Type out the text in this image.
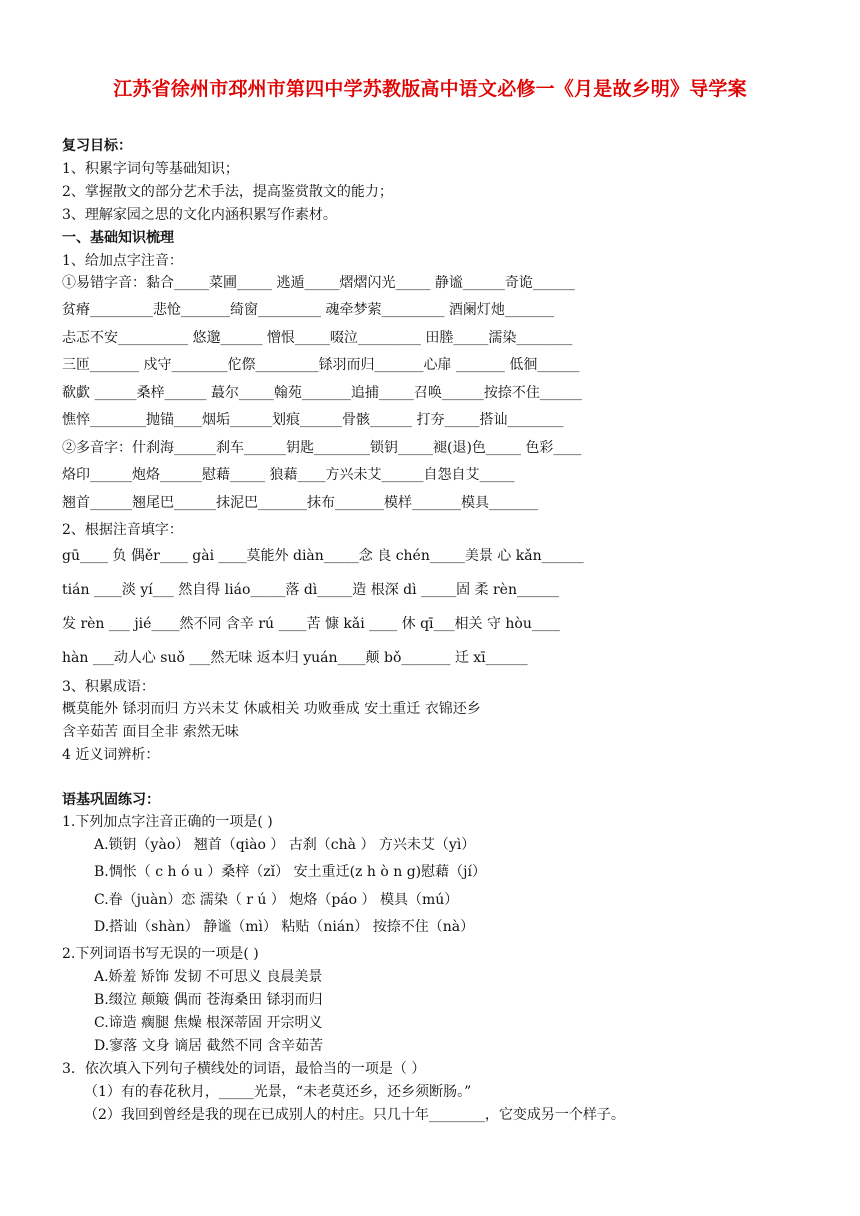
江苏省徐州市邳州市第四中学苏教版高中语文必修一《月是故乡明》导学案
复习目标：
1、积累字词句等基础知识；
2、掌握散文的部分艺术手法，提高鉴赏散文的能力；
3、理解家园之思的文化内涵积累写作素材。
一、基础知识梳理
1、给加点字注音：
①易错字音：黏合_____菜圃_____ 逃遁_____熠熠闪光_____ 静谧______奇诡______
贫瘠_________悲怆_______绮窗_________ 魂牵梦萦_________ 酒阑灯灺_______
忐忑不安__________ 悠邈______ 憎恨_____啜泣_________ 田塍_____濡染________
三匝_______ 戍守________佗傺_________铩羽而归_______心扉 _______ 低徊______
欷歔 ______桑梓______ 蕞尔_____翰苑_______追捕_____召唤______按捺不住______
憔悴________抛锚____烟垢______划痕______骨骸______ 打夯_____搭讪________
②多音字：什刹海______刹车______钥匙________锁钥_____褪(退)色_____ 色彩____
烙印______炮烙______慰藉_____ 狼藉____方兴未艾______自怨自艾_____
翘首______翘尾巴______抹泥巴_______抹布_______模样_______模具_______
2、根据注音填字：
gū____ 负 偶ěr____ gài ____莫能外 diàn_____念 良 chén_____美景 心 kǎn______
tián ____淡 yí___ 然自得 liáo_____落 dì_____造 根深 dì _____固 柔 rèn______
发 rèn ___ jié____然不同 含辛 rú ____苦 慷 kǎi ____ 休 qī___相关 守 hòu____
hàn ___动人心 suǒ ___然无味 返本归 yuán____颠 bǒ_______ 迁 xī______
3、积累成语：
概莫能外 铩羽而归 方兴未艾 休戚相关 功败垂成 安土重迁 衣锦还乡
含辛茹苦 面目全非 索然无味
4 近义词辨析：
语基巩固练习：
1.下列加点字注音正确的一项是( )
A.锁钥（yào） 翘首（qiào ） 古刹（chà ） 方兴未艾（yì）
B.惆怅（ c h ó u ）桑梓（zǐ） 安土重迁(z h ò n g)慰藉（jí）
C.眷（juàn）恋 濡染（ r ú ） 炮烙（páo ） 模具（mú）
D.搭讪（shàn） 静谧（mì） 粘贴（nián） 按捺不住（nà）
2.下列词语书写无误的一项是( )
A.娇羞 矫饰 发韧 不可思义 良晨美景
B.缀泣 颠簸 偶而 苍海桑田 铩羽而归
C.谛造 瘸腿 焦燥 根深蒂固 开宗明义
D.寥落 文身 谪居 截然不同 含辛茹苦
3．依次填入下列句子横线处的词语，最恰当的一项是（ ）
（1）有的春花秋月，_____光景，“未老莫还乡，还乡须断肠。”
（2）我回到曾经是我的现在已成别人的村庄。只几十年________，它变成另一个样子。
